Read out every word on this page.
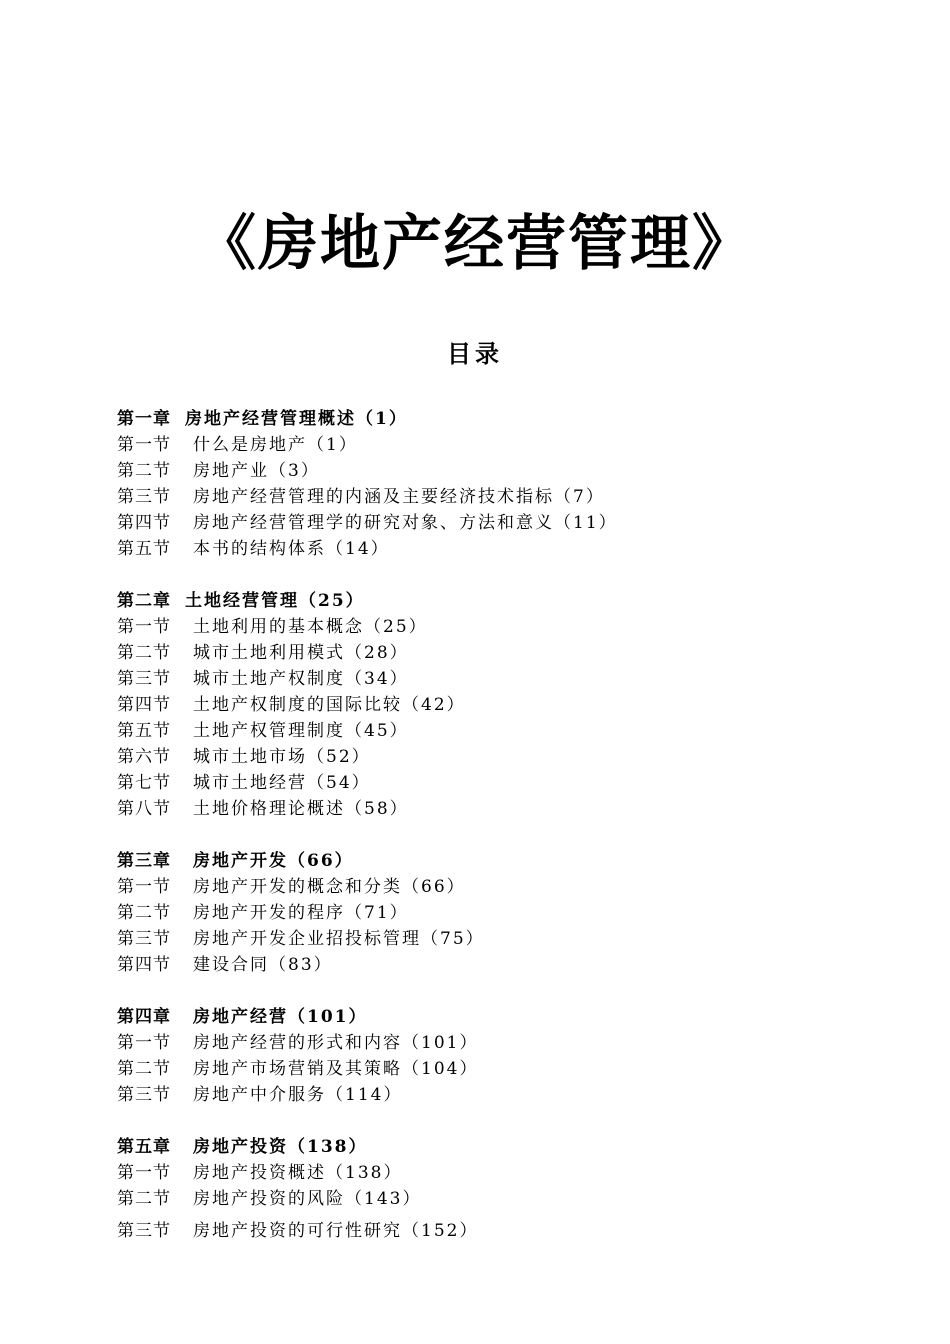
《房地产经营管理》
目录
第一章 房地产经营管理概述 （1）
第一节	什么是房地产 （1）
第二节	房地产业 （3）
第三节	房地产经营管理的内涵及主要经济技术指标 （7）
第四节	房地产经营管理学的研究对象、方法和意义 （11）
第五节	本书的结构体系 （14）
第二章 土地经营管理 （25）
第一节	土地利用的基本概念 （25）
第二节	城市土地利用模式 （28）
第三节	城市土地产权制度 （34）
第四节	土地产权制度的国际比较 （42）
第五节	土地产权管理制度 （45）
第六节	城市土地市场 （52）
第七节	城市土地经营 （54）
第八节	土地价格理论概述 （58）
第三章 房地产开发 （66）
第一节	房地产开发的概念和分类 （66）
第二节	房地产开发的程序 （71）
第三节	房地产开发企业招投标管理 （75）
第四节	建设合同 （83）
第四章 房地产经营 （101）
第一节	房地产经营的形式和内容 （101）
第二节	房地产市场营销及其策略 （104）
第三节	房地产中介服务 （114）
第五章 房地产投资 （138）
第一节	房地产投资概述 （138）
第二节	房地产投资的风险 （143）
第三节	房地产投资的可行性研究 （152）
